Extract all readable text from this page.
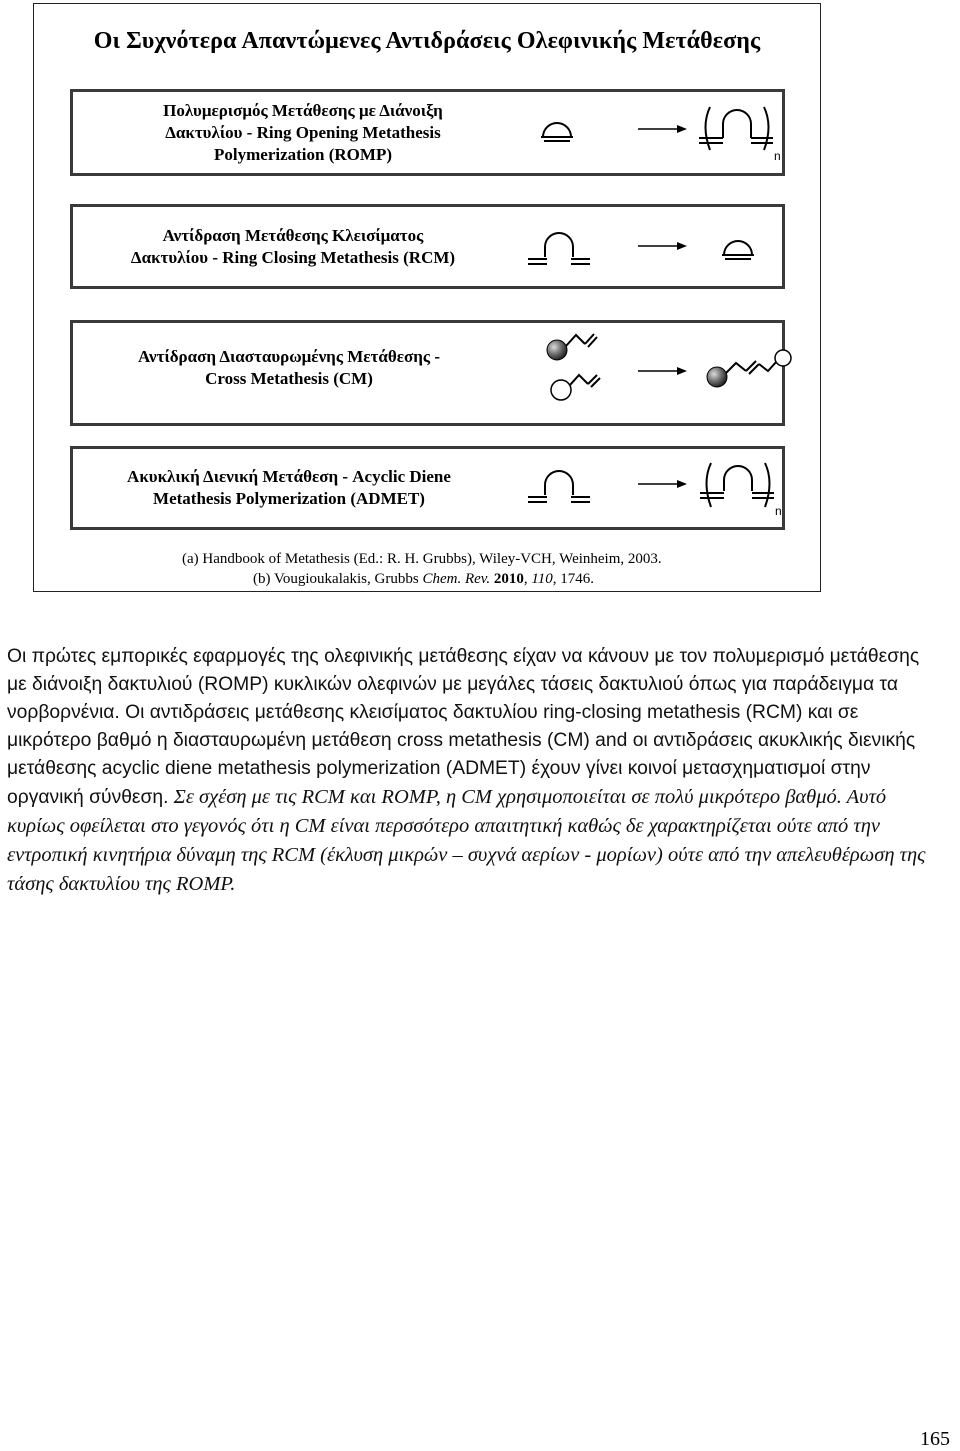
Οι Συχνότερα Απαντώμενες Αντιδράσεις Ολεφινικής Μετάθεσης
Πολυμερισμός Μετάθεσης με Διάνοιξη
Δακτυλίου - Ring Opening Metathesis
Polymerization (ROMP)	n
Αντίδραση Μετάθεσης Κλεισίματος
Δακτυλίου - Ring Closing Metathesis (RCM)
Αντίδραση Διασταυρωμένης Μετάθεσης -
Cross Metathesis (CM)
Ακυκλική Διενική Μετάθεση - Acyclic Diene
Metathesis Polymerization (ADMET)
n
(a) Handbook of Metathesis (Ed.: R. H. Grubbs), Wiley-VCH, Weinheim, 2003.
(b) Vougioukalakis, Grubbs Chem. Rev. 2010, 110, 1746.
Οι πρώτες εμπορικές εφαρμογές της ολεφινικής μετάθεσης είχαν να κάνουν με τον πολυμερισμό μετάθεσης με διάνοιξη δακτυλιού (ROMP) κυκλικών ολεφινών με μεγάλες τάσεις δακτυλιού όπως για παράδειγμα τα νορβορνένια. Οι αντιδράσεις μετάθεσης κλεισίματος δακτυλίου ring-closing metathesis (RCM) και σε μικρότερο βαθμό η διασταυρωμένη μετάθεση cross metathesis (CM) and οι αντιδράσεις ακυκλικής διενικής μετάθεσης acyclic diene metathesis polymerization (ADMET) έχουν γίνει κοινοί μετασχηματισμοί στην οργανική σύνθεση. Σε σχέση με τις RCM και ROMP, η CM χρησιμοποιείται σε πολύ μικρότερο βαθμό. Αυτό κυρίως οφείλεται στο γεγονός ότι η CM είναι περσσότερο απαιτητική καθώς δε χαρακτηρίζεται ούτε από την εντροπική κινητήρια δύναμη της RCM (έκλυση μικρών – συχνά αερίων - μορίων) ούτε από την απελευθέρωση της τάσης δακτυλίου της ROMP.
165
